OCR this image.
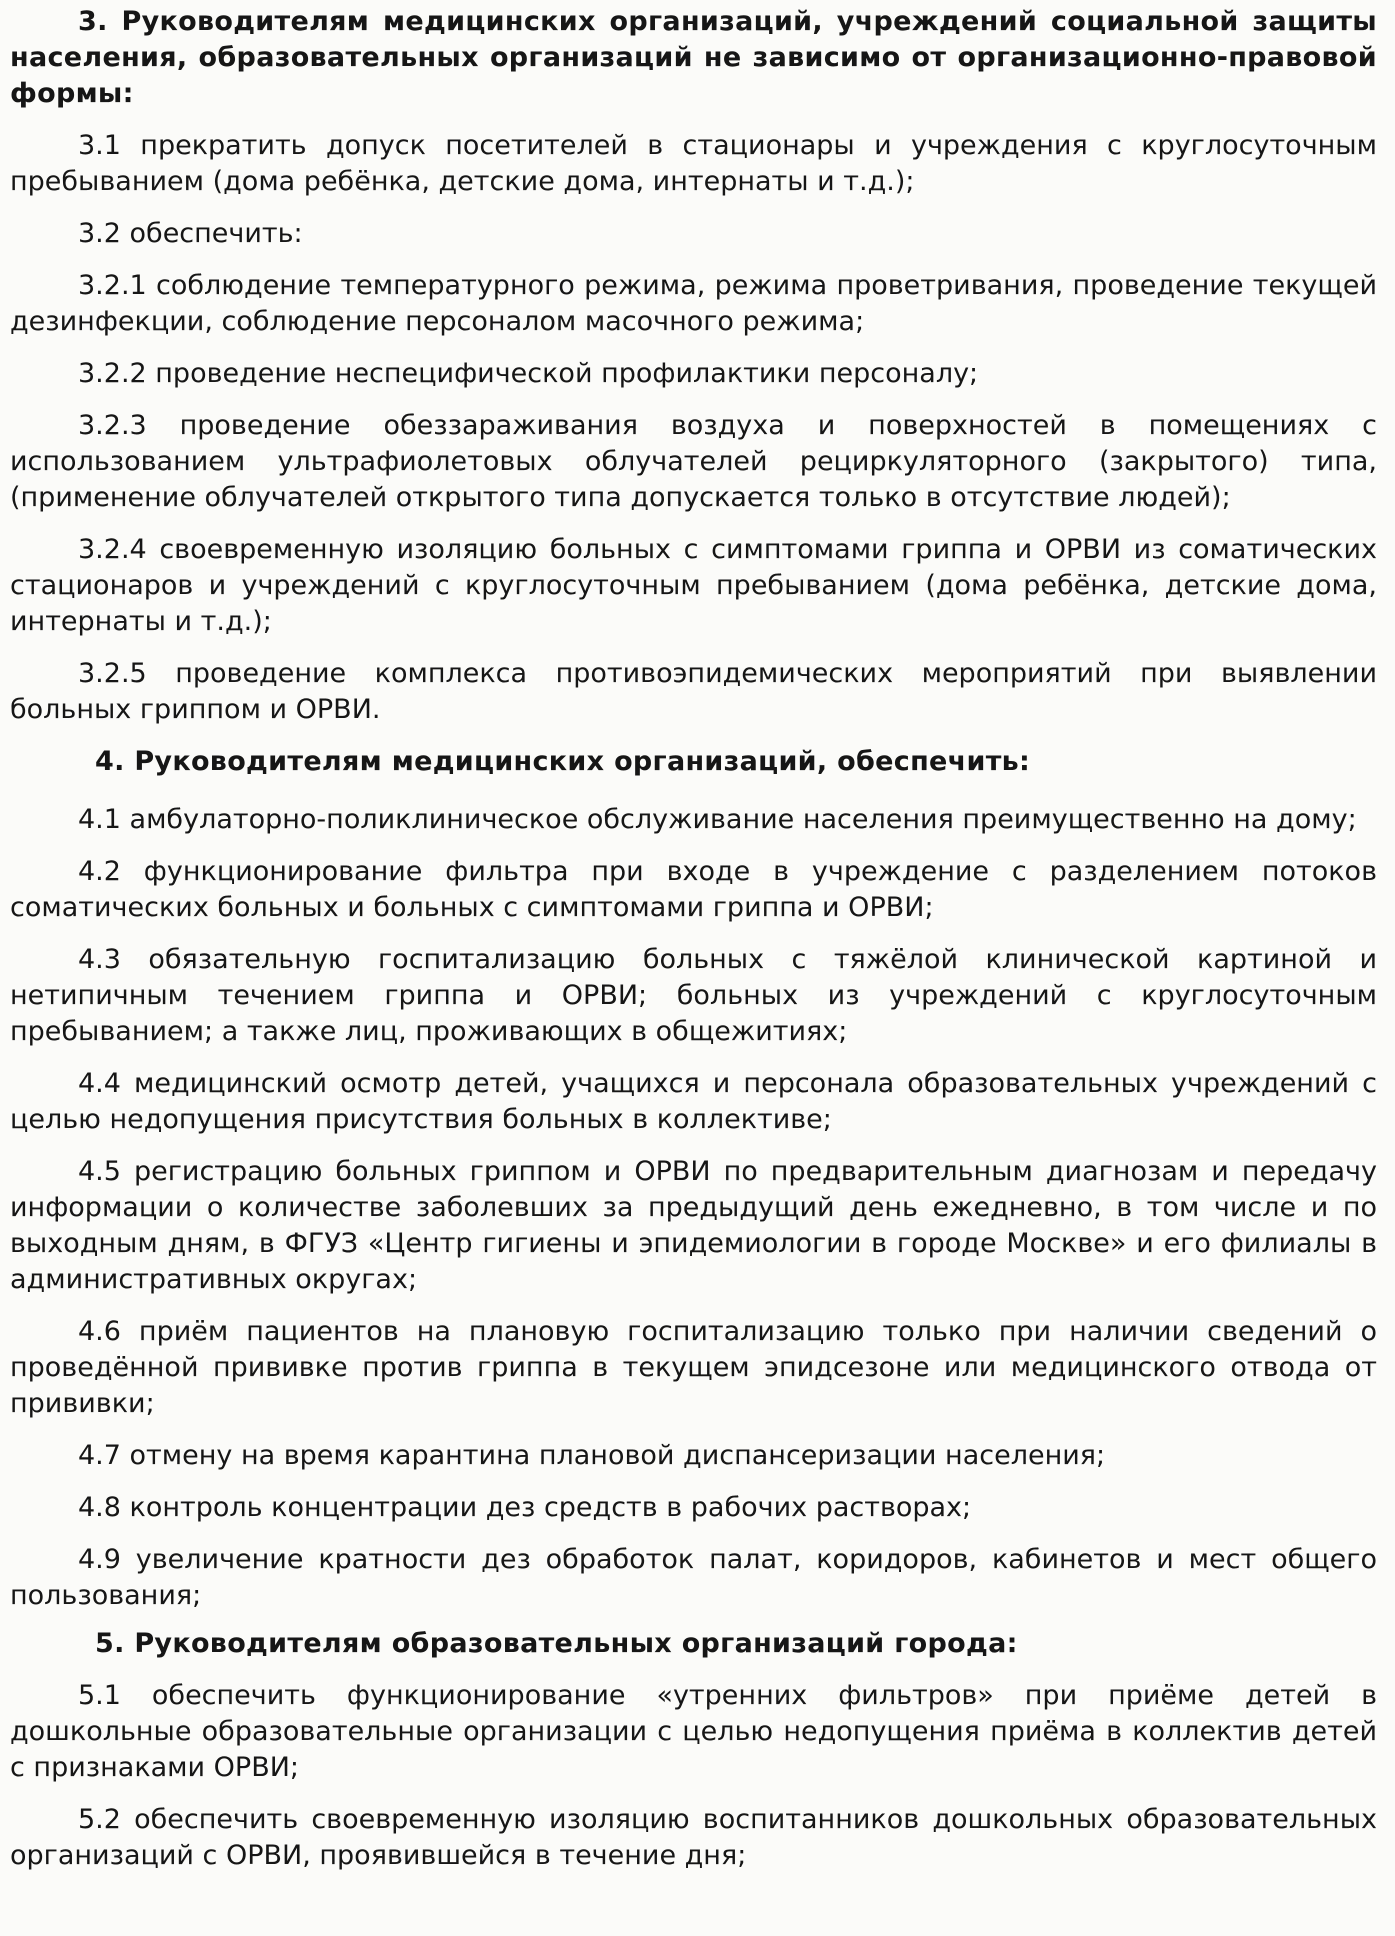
3. Руководителям медицинских организаций, учреждений социальной защиты населения, образовательных организаций не зависимо от организационно-правовой формы:

3.1 прекратить допуск посетителей в стационары и учреждения с круглосуточным пребыванием (дома ребёнка, детские дома, интернаты и т.д.);

3.2 обеспечить:

3.2.1 соблюдение температурного режима, режима проветривания, проведение текущей дезинфекции, соблюдение персоналом масочного режима;

3.2.2 проведение неспецифической профилактики персоналу;

3.2.3 проведение обеззараживания воздуха и поверхностей в помещениях с использованием ультрафиолетовых облучателей рециркуляторного (закрытого) типа, (применение облучателей открытого типа допускается только в отсутствие людей);

3.2.4 своевременную изоляцию больных с симптомами гриппа и ОРВИ из соматических стационаров и учреждений с круглосуточным пребыванием (дома ребёнка, детские дома, интернаты и т.д.);

3.2.5 проведение комплекса противоэпидемических мероприятий при выявлении больных гриппом и ОРВИ.

4. Руководителям медицинских организаций, обеспечить:

4.1 амбулаторно-поликлиническое обслуживание населения преимущественно на дому;

4.2 функционирование фильтра при входе в учреждение с разделением потоков соматических больных и больных с симптомами гриппа и ОРВИ;

4.3 обязательную госпитализацию больных с тяжёлой клинической картиной и нетипичным течением гриппа и ОРВИ; больных из учреждений с круглосуточным пребыванием; а также лиц, проживающих в общежитиях;

4.4 медицинский осмотр детей, учащихся и персонала образовательных учреждений с целью недопущения присутствия больных в коллективе;

4.5 регистрацию больных гриппом и ОРВИ по предварительным диагнозам и передачу информации о количестве заболевших за предыдущий день ежедневно, в том числе и по выходным дням, в ФГУЗ «Центр гигиены и эпидемиологии в городе Москве» и его филиалы в административных округах;

4.6 приём пациентов на плановую госпитализацию только при наличии сведений о проведённой прививке против гриппа в текущем эпидсезоне или медицинского отвода от прививки;

4.7 отмену на время карантина плановой диспансеризации населения;

4.8 контроль концентрации дез средств в рабочих растворах;

4.9 увеличение кратности дез обработок палат, коридоров, кабинетов и мест общего пользования;

5. Руководителям образовательных организаций города:

5.1 обеспечить функционирование «утренних фильтров» при приёме детей в дошкольные образовательные организации с целью недопущения приёма в коллектив детей с признаками ОРВИ;

5.2 обеспечить своевременную изоляцию воспитанников дошкольных образовательных организаций с ОРВИ, проявившейся в течение дня;
